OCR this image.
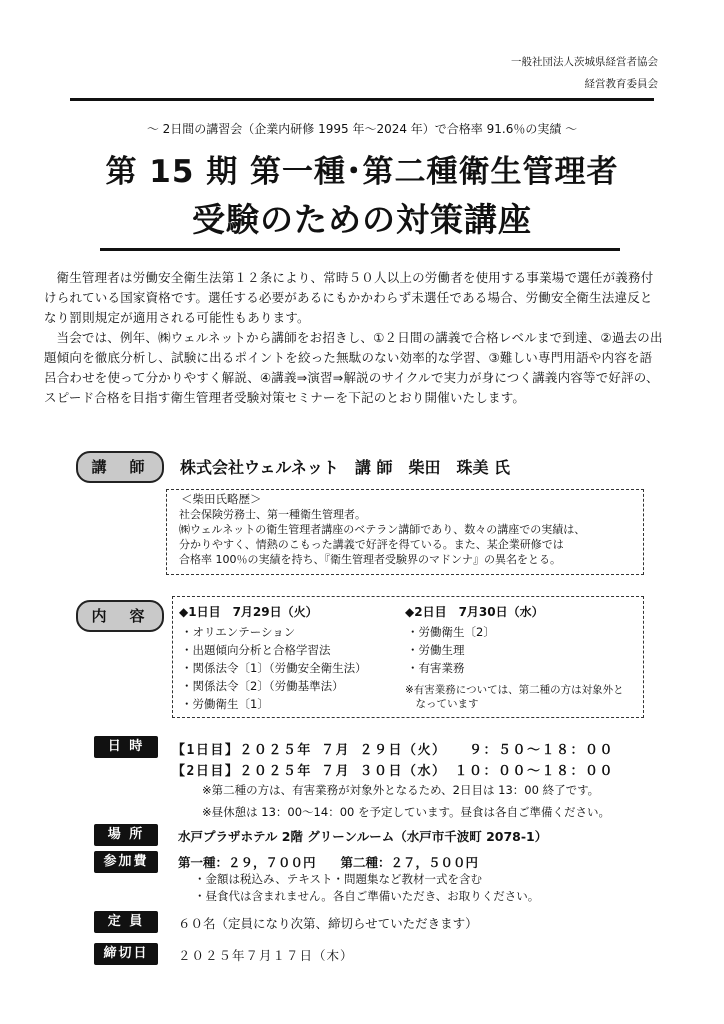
一般社団法人茨城県経営者協会
経営教育委員会
～ 2日間の講習会（企業内研修 1995 年～2024 年）で合格率 91.6％の実績 ～
第 15 期 第一種･第二種衛生管理者
受験のための対策講座

衛生管理者は労働安全衛生法第１２条により、常時５０人以上の労働者を使用する事業場で選任が義務付けられている国家資格です。選任する必要があるにもかかわらず未選任である場合、労働安全衛生法違反となり罰則規定が適用される可能性もあります。

当会では、例年、㈱ウェルネットから講師をお招きし、①２日間の講義で合格レベルまで到達、②過去の出題傾向を徹底分析し、試験に出るポイントを絞った無駄のない効率的な学習、③難しい専門用語や内容を語呂合わせを使って分かりやすく解説、④講義⇒演習⇒解説のサイクルで実力が身につく講義内容等で好評の、スピード合格を目指す衛生管理者受験対策セミナーを下記のとおり開催いたします。

講　師	株式会社ウェルネット　講 師　柴田　珠美 氏
＜柴田氏略歴＞
社会保険労務士、第一種衛生管理者。
㈱ウェルネットの衛生管理者講座のベテラン講師であり、数々の講座での実績は、
分かりやすく、情熱のこもった講義で好評を得ている。また、某企業研修では
合格率 100％の実績を持ち、『衛生管理者受験界のマドンナ』の異名をとる。
内　容	◆1日目　7月29日（火）
・オリエンテーション
・出題傾向分析と合格学習法
・関係法令〔1〕（労働安全衛生法）
・関係法令〔2〕（労働基準法）
・労働衛生〔1〕
◆2日目　7月30日（水）
・労働衛生〔2〕
・労働生理
・有害業務
※有害業務については、第二種の方は対象外と
　なっています
日 時	【1日目】２０２５年 ７月 ２９日（火）　　９：５０～１８：００
【2日目】２０２５年 ７月 ３０日（水）　１０：００～１８：００
※第二種の方は、有害業務が対象外となるため、2日目は 13：00 終了です。
※昼休憩は 13：00～14：00 を予定しています。昼食は各自ご準備ください。
場 所	水戸プラザホテル 2階 グリーンルーム（水戸市千波町 2078-1）
参加費	第一種：２９，７００円　　第二種：２７，５００円
・金額は税込み、テキスト・問題集など教材一式を含む
・昼食代は含まれません。各自ご準備いただき、お取りください。
定 員	６０名（定員になり次第、締切らせていただきます）
締切日	２０２５年７月１７日（木）
